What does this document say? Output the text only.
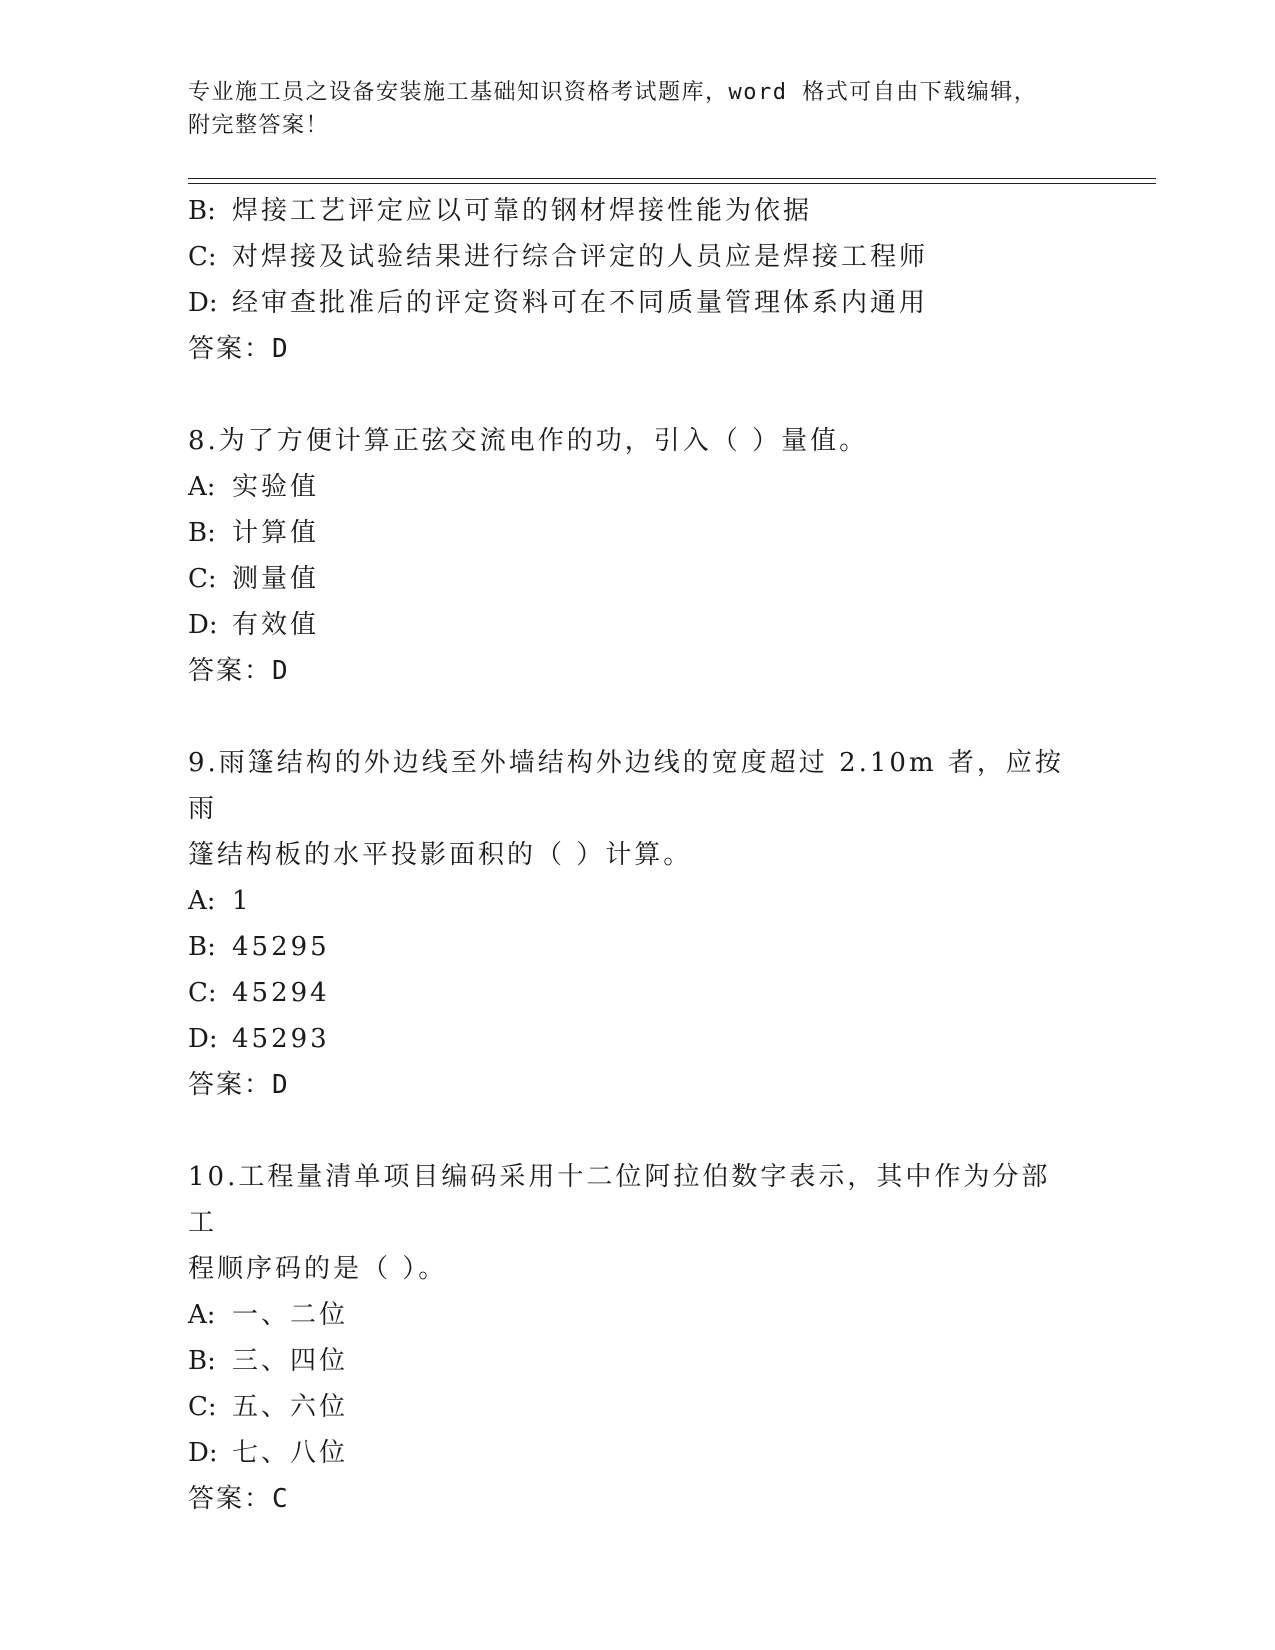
专业施工员之设备安装施工基础知识资格考试题库，word 格式可自由下载编辑，
附完整答案！
B: 焊接工艺评定应以可靠的钢材焊接性能为依据
C: 对焊接及试验结果进行综合评定的人员应是焊接工程师
D: 经审查批准后的评定资料可在不同质量管理体系内通用
答案：D
8.为了方便计算正弦交流电作的功，引入（ ）量值。
A: 实验值
B: 计算值
C: 测量值
D: 有效值
答案：D
9.雨篷结构的外边线至外墙结构外边线的宽度超过 2.10m 者，应按雨
篷结构板的水平投影面积的（ ）计算。
A: 1
B: 45295
C: 45294
D: 45293
答案：D
10.工程量清单项目编码采用十二位阿拉伯数字表示，其中作为分部工
程顺序码的是（ ）。
A: 一、二位
B: 三、四位
C: 五、六位
D: 七、八位
答案：C
